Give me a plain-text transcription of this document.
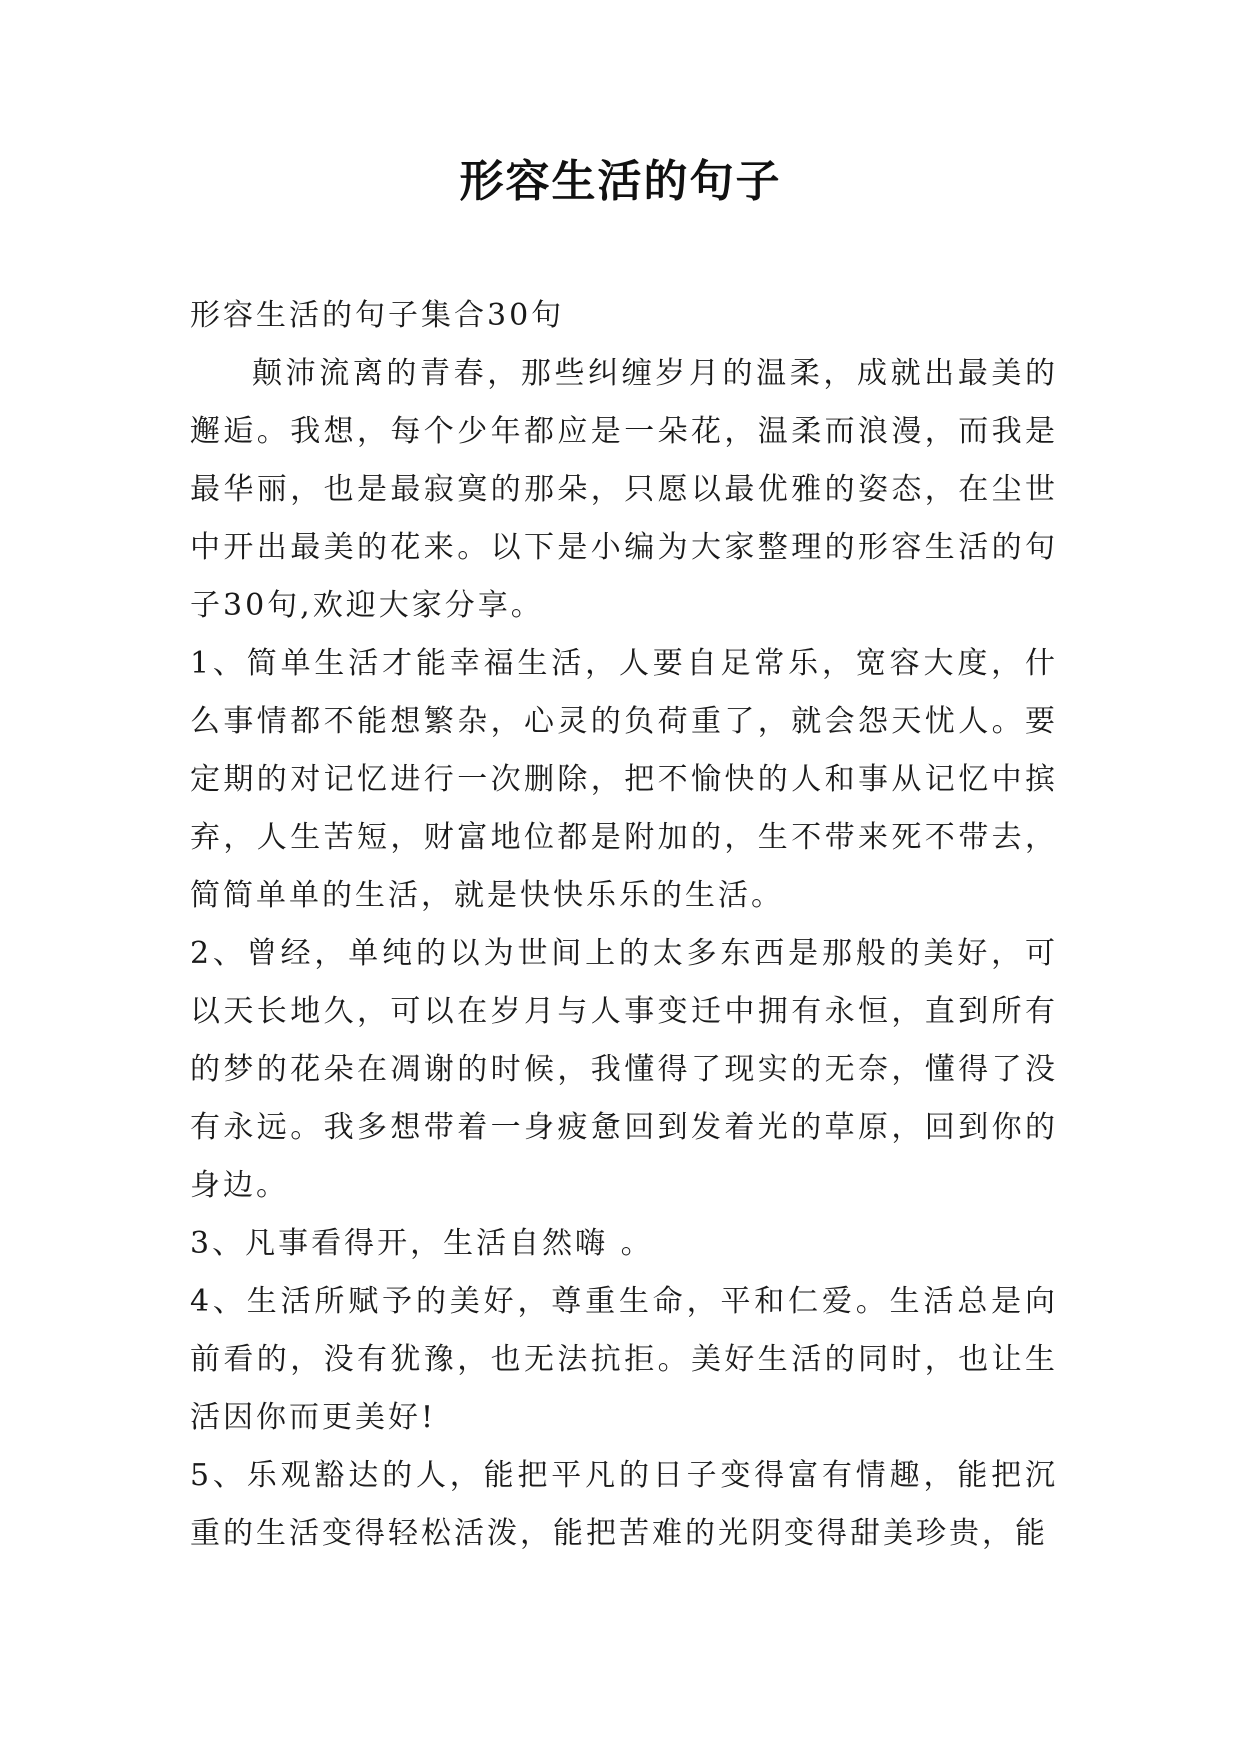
形容生活的句子

形容生活的句子集合30句

颠沛流离的青春，那些纠缠岁月的温柔，成就出最美的邂逅。我想，每个少年都应是一朵花，温柔而浪漫，而我是最华丽，也是最寂寞的那朵，只愿以最优雅的姿态，在尘世中开出最美的花来。以下是小编为大家整理的形容生活的句子30句,欢迎大家分享。

1、简单生活才能幸福生活，人要自足常乐，宽容大度，什么事情都不能想繁杂，心灵的负荷重了，就会怨天忧人。要定期的对记忆进行一次删除，把不愉快的人和事从记忆中摈弃，人生苦短，财富地位都是附加的，生不带来死不带去，简简单单的生活，就是快快乐乐的生活。

2、曾经，单纯的以为世间上的太多东西是那般的美好，可以天长地久，可以在岁月与人事变迁中拥有永恒，直到所有的梦的花朵在凋谢的时候，我懂得了现实的无奈，懂得了没有永远。我多想带着一身疲惫回到发着光的草原，回到你的身边。

3、凡事看得开，生活自然嗨 。

4、生活所赋予的美好，尊重生命，平和仁爱。生活总是向前看的，没有犹豫，也无法抗拒。美好生活的同时，也让生活因你而更美好!

5、乐观豁达的人，能把平凡的日子变得富有情趣，能把沉重的生活变得轻松活泼，能把苦难的光阴变得甜美珍贵，能
